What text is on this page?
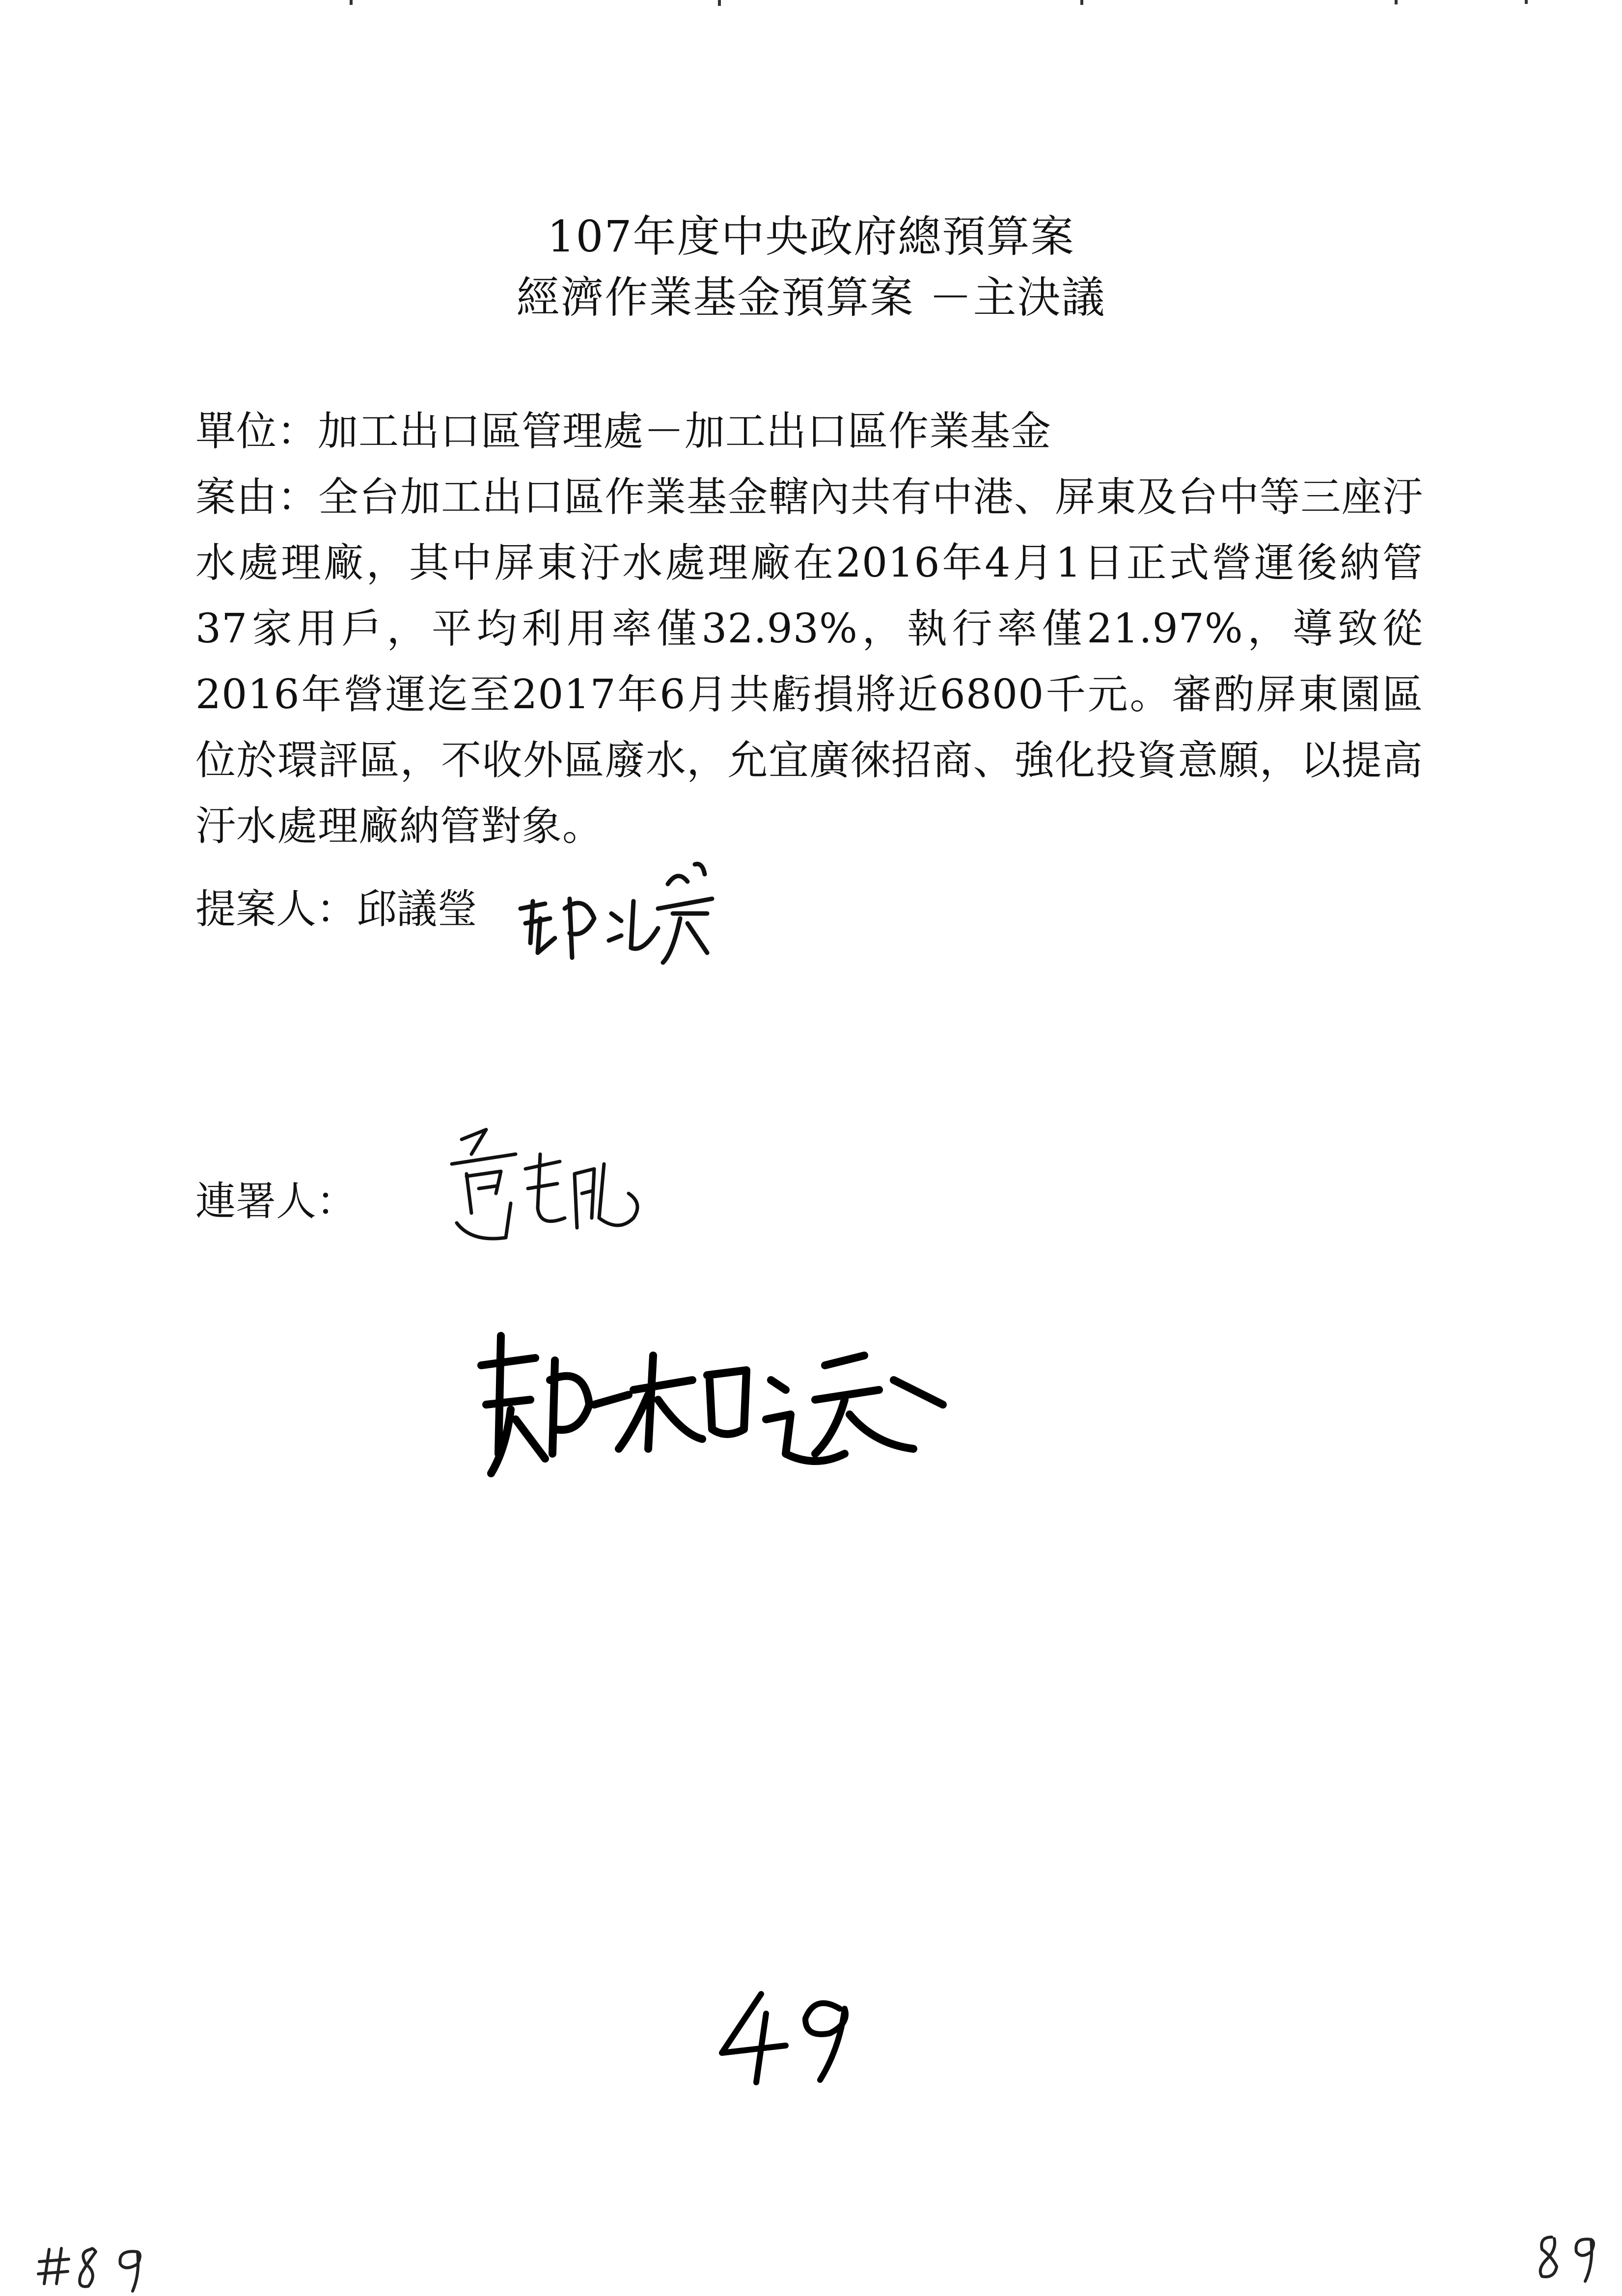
107年度中央政府總預算案
經濟作業基金預算案 －主決議

單位：加工出口區管理處－加工出口區作業基金

案由：全台加工出口區作業基金轄內共有中港、屏東及台中等三座汙水處理廠，其中屏東汙水處理廠在2016年4月1日正式營運後納管37家用戶，平均利用率僅32.93%，執行率僅21.97%，導致從2016年營運迄至2017年6月共虧損將近6800千元。審酌屏東園區位於環評區，不收外區廢水，允宜廣徠招商、強化投資意願，以提高汙水處理廠納管對象。

提案人：邱議瑩
連署人：
